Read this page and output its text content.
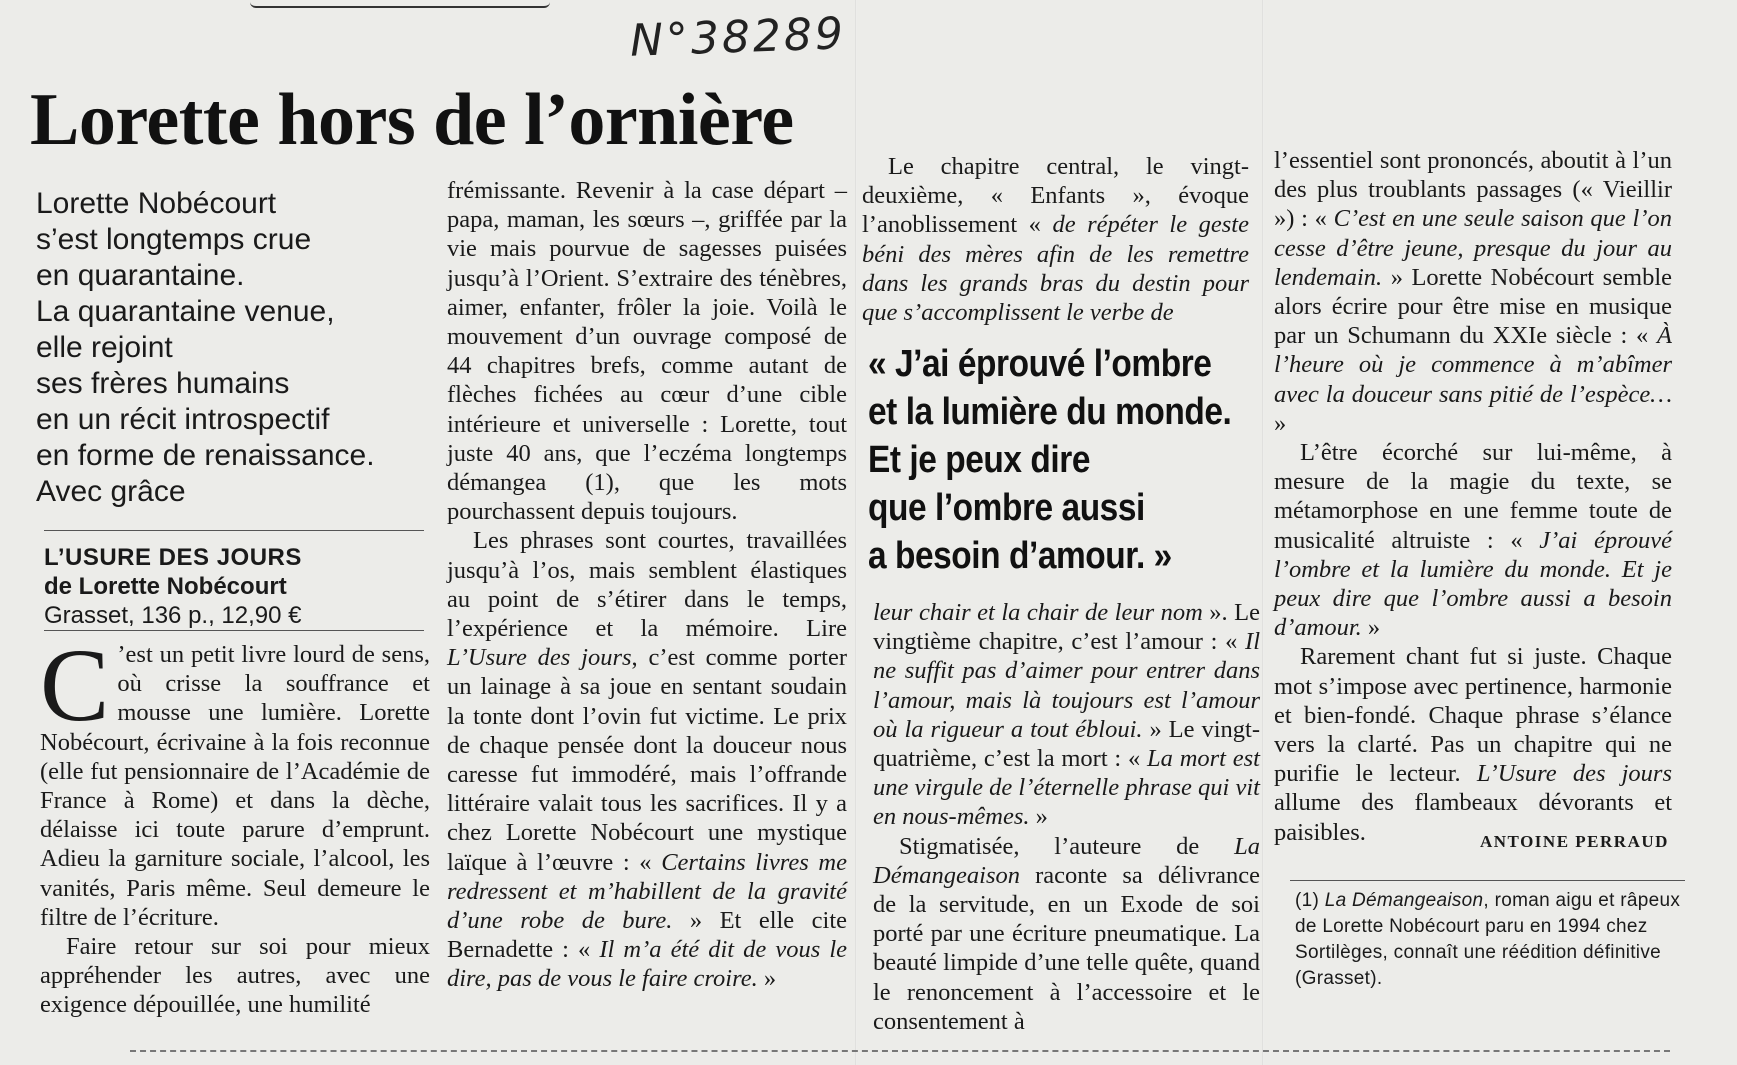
N°38289
Lorette hors de l’ornière
Lorette Nobécourt
s’est longtemps crue
en quarantaine.
La quarantaine venue,
elle rejoint
ses frères humains
en un récit introspectif
en forme de renaissance.
Avec grâce
L’USURE DES JOURS
de Lorette Nobécourt
Grasset, 136 p., 12,90 €

C ’est un petit livre lourd de sens, où crisse la souffrance et mousse une lumière. Lorette Nobécourt, écrivaine à la fois reconnue (elle fut pensionnaire de l’Académie de France à Rome) et dans la dèche, délaisse ici toute parure d’emprunt. Adieu la garniture sociale, l’alcool, les vanités, Paris même. Seul demeure le filtre de l’écriture.

Faire retour sur soi pour mieux appréhender les autres, avec une exigence dépouillée, une humilité

frémissante. Revenir à la case départ – papa, maman, les sœurs –, griffée par la vie mais pourvue de sagesses puisées jusqu’à l’Orient. S’extraire des ténèbres, aimer, enfanter, frôler la joie. Voilà le mouvement d’un ouvrage composé de 44 chapitres brefs, comme autant de flèches fichées au cœur d’une cible intérieure et universelle : Lorette, tout juste 40 ans, que l’eczéma longtemps démangea (1), que les mots pourchassent depuis toujours.

Les phrases sont courtes, travaillées jusqu’à l’os, mais semblent élastiques au point de s’étirer dans le temps, l’expérience et la mémoire. Lire L’Usure des jours, c’est comme porter un lainage à sa joue en sentant soudain la tonte dont l’ovin fut victime. Le prix de chaque pensée dont la douceur nous caresse fut immodéré, mais l’offrande littéraire valait tous les sacrifices. Il y a chez Lorette Nobécourt une mystique laïque à l’œuvre : « Certains livres me redressent et m’habillent de la gravité d’une robe de bure. » Et elle cite Bernadette : « Il m’a été dit de vous le dire, pas de vous le faire croire. »

Le chapitre central, le vingt-deuxième, « Enfants », évoque l’anoblissement « de répéter le geste béni des mères afin de les remettre dans les grands bras du destin pour que s’accomplissent le verbe de

« J’ai éprouvé l’ombre
et la lumière du monde.
Et je peux dire
que l’ombre aussi
a besoin d’amour. »

leur chair et la chair de leur nom ». Le vingtième chapitre, c’est l’amour : « Il ne suffit pas d’aimer pour entrer dans l’amour, mais là toujours est l’amour où la rigueur a tout ébloui. » Le vingt-quatrième, c’est la mort : « La mort est une virgule de l’éternelle phrase qui vit en nous-mêmes. »

Stigmatisée, l’auteure de La Démangeaison raconte sa délivrance de la servitude, en un Exode de soi porté par une écriture pneumatique. La beauté limpide d’une telle quête, quand le renoncement à l’accessoire et le consentement à

l’essentiel sont prononcés, aboutit à l’un des plus troublants passages (« Vieillir ») : « C’est en une seule saison que l’on cesse d’être jeune, presque du jour au lendemain. » Lorette Nobécourt semble alors écrire pour être mise en musique par un Schumann du XXIe siècle : « À l’heure où je commence à m’abîmer avec la douceur sans pitié de l’espèce… »

L’être écorché sur lui-même, à mesure de la magie du texte, se métamorphose en une femme toute de musicalité altruiste : « J’ai éprouvé l’ombre et la lumière du monde. Et je peux dire que l’ombre aussi a besoin d’amour. »

Rarement chant fut si juste. Chaque mot s’impose avec pertinence, harmonie et bien-fondé. Chaque phrase s’élance vers la clarté. Pas un chapitre qui ne purifie le lecteur. L’Usure des jours allume des flambeaux dévorants et paisibles.	ANTOINE PERRAUD
(1) La Démangeaison, roman aigu et râpeux de Lorette Nobécourt paru en 1994 chez Sortilèges, connaît une réédition définitive (Grasset).
